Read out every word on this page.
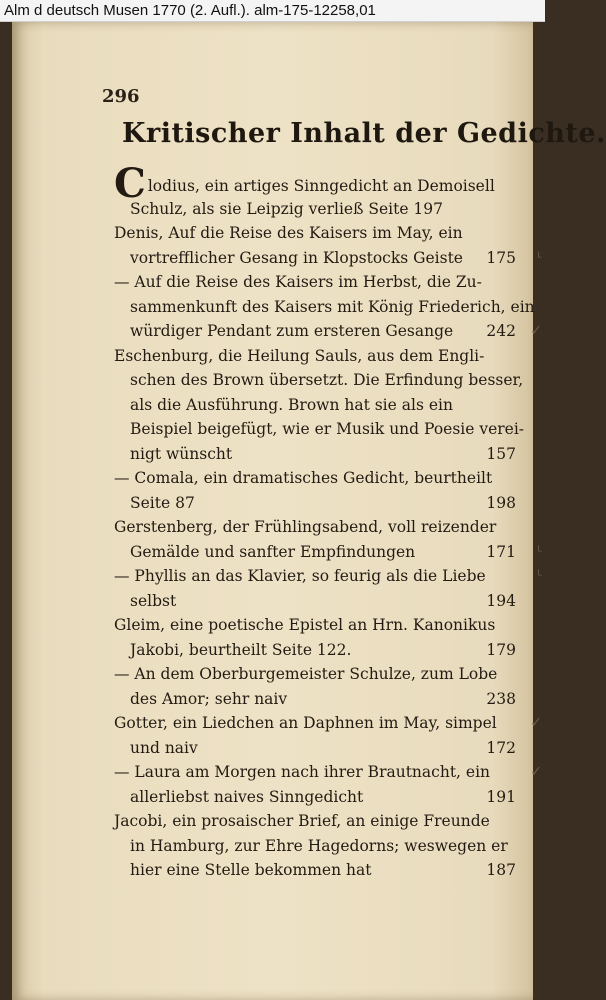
Alm d deutsch Musen 1770 (2. Aufl.). alm-175-12258,01
296
Kritischer Inhalt der Gedichte.
Clodius, ein artiges Sinngedicht an Demoisell
Schulz, als sie Leipzig verließ Seite 197
Denis, Auf die Reise des Kaisers im May, ein
vortrefflicher Gesang in Klopstocks Geiste 175 ᴸ
— Auf die Reise des Kaisers im Herbst, die Zu-
sammenkunft des Kaisers mit König Friederich, ein
würdiger Pendant zum ersteren Gesange 242 ✓
Eschenburg, die Heilung Sauls, aus dem Engli-
schen des Brown übersetzt. Die Erfindung besser,
als die Ausführung. Brown hat sie als ein
Beispiel beigefügt, wie er Musik und Poesie verei-
nigt wünscht	157
— Comala, ein dramatisches Gedicht, beurtheilt
Seite 87	198
Gerstenberg, der Frühlingsabend, voll reizender
Gemälde und sanfter Empfindungen	171 ᴸ
— Phyllis an das Klavier, so feurig als die Liebe	ᴸ
selbst	194
Gleim, eine poetische Epistel an Hrn. Kanonikus
Jakobi, beurtheilt Seite 122.	179
— An dem Oberburgemeister Schulze, zum Lobe
des Amor; sehr naiv	238
Gotter, ein Liedchen an Daphnen im May, simpel ✓
und naiv	172
— Laura am Morgen nach ihrer Brautnacht, ein	✓
allerliebst naives Sinngedicht	191
Jacobi, ein prosaischer Brief, an einige Freunde
in Hamburg, zur Ehre Hagedorns; weswegen er
hier eine Stelle bekommen hat	187
